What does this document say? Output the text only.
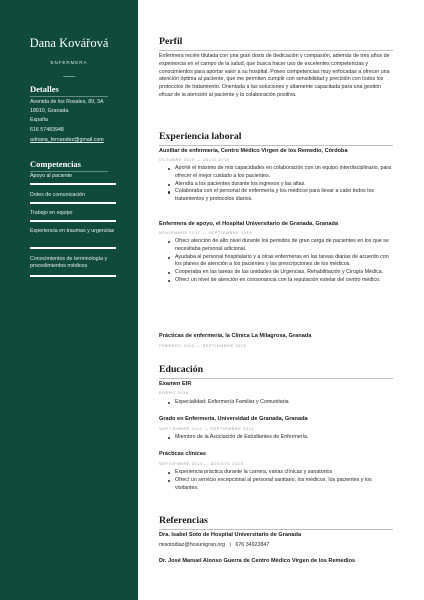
Dana Kovářová
ENFERMERA
Detalles
Avenida de los Rosales, 89, 3A
18010, Granada
España
616 57483948
adriana_fernandez@gmail.com
Competencias
Apoyo al paciente
Dotes de comunicación
Trabajo en equipo
Experiencia en traumas y urgencias
Conocimientos de terminología y procedimientos médicos
Perfil
Enfermera recién titulada con una gran dosis de dedicación y compasión, además de tres años de experiencia en el campo de la salud, que busca hacer uso de excelentes competencias y conocimientos para aportar valor a su hospital. Poseo competencias muy enfocadas a ofrecer una atención óptima al paciente, que me permiten cumplir con sensibilidad y precisión con todos los protocolos de tratamiento. Orientada a las soluciones y altamente capacitada para una gestión eficaz de la atención al paciente y la colaboración positiva.
Experiencia laboral
Auxiliar de enfermería, Centro Médico Virgen de los Remedio, Córdoba
OCTUBRE 2018 — JULIO 2019
Aporté el máximo de mis capacidades en colaboración con un equipo interdisciplinario, para ofrecer el mejor cuidado a los pacientes.
Atendía a los pacientes durante los ingresos y las altas.
Colaboraba con el personal de enfermería y los médicos para llevar a cabo todos los tratamientos y protocolos diarios.
Enfermera de apoyo, el Hospital Universitario de Granada, Granada
NOVIEMBRE 2017 — SEPTIEMBRE 2018
Ofrecí atención de alto nivel durante los periodos de gran carga de pacientes en los que se necesitaba personal adicional.
Ayudaba al personal hospitalario y a otras enfermeras en las tareas diarias de acuerdo con los planes de atención a los pacientes y las prescripciones de los médicos.
Cooperaba en las tareas de las unidades de Urgencias, Rehabilitación y Cirugía Médica.
Ofrecí un nivel de atención en consonancia con la reputación estelar del centro médico.
Prácticas de enfermería, la Clínica La Milagrosa, Granada
FEBRERO 2015 — SEPTIEMBRE 2015
Educación
Examen EIR
ENERO 2016
Especialidad: Enfermería Familiar y Comunitaria
Grado en Enfermería, Universidad de Granada, Granada
SEPTIEMBRE 2011 — SEPTIEMBRE 2015
Miembro de la Asociación de Estudiantes de Enfermería.
Prácticas clínicas
SEPTIEMBRE 2014 — AGOSTO 2015
Experiencia práctica durante la carrera, varias clínicas y sanatorios
Ofrecí un servicio excepcional al personal sanitario, los médicos, los pacientes y los visitantes.
Referencias
Dra. Isabel Soto de Hospital Universitario de Granada
misotodiaz@hosunigran.org | 676 34923847
Dr. José Manuel Alonso Guerra de Centro Médico Virgen de los Remedios
